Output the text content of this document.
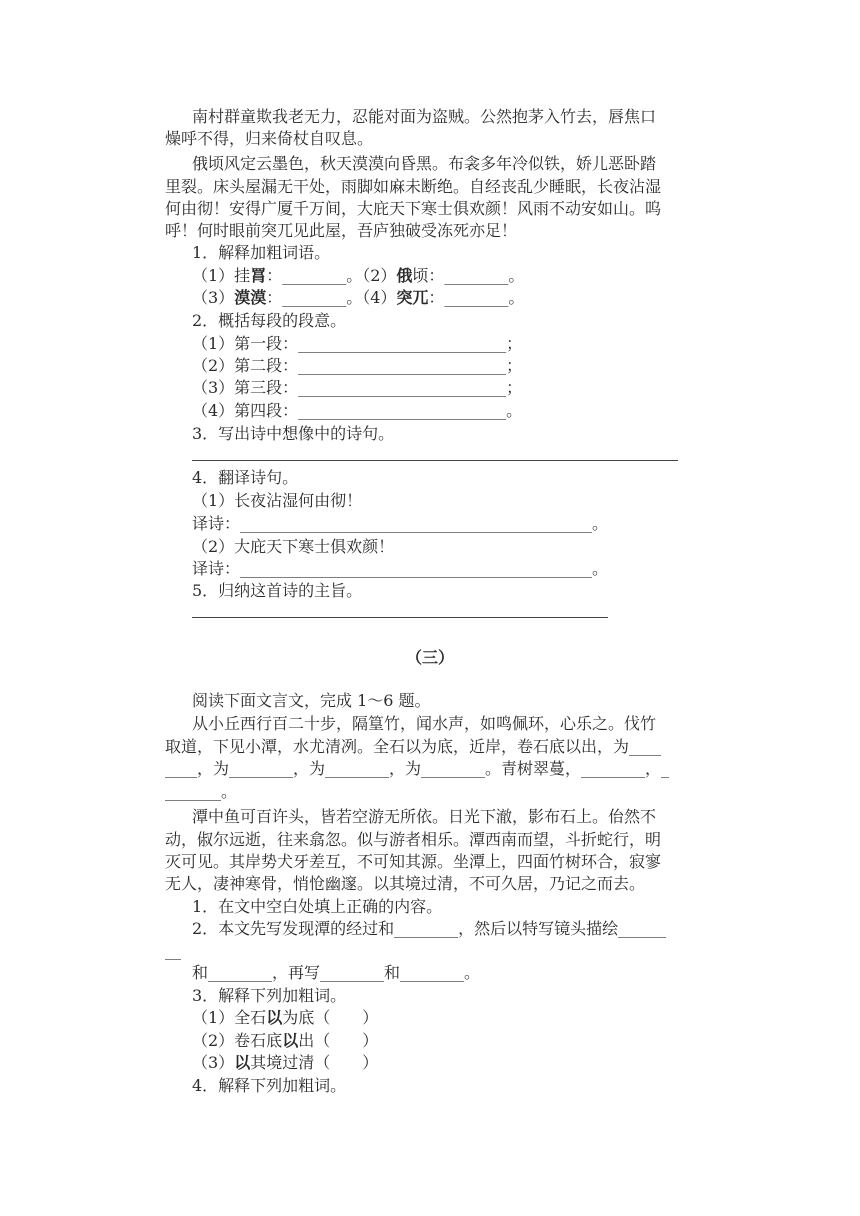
南村群童欺我老无力，忍能对面为盗贼。公然抱茅入竹去，唇焦口
燥呼不得，归来倚杖自叹息。
俄顷风定云墨色，秋天漠漠向昏黑。布衾多年冷似铁，娇儿恶卧踏
里裂。床头屋漏无干处，雨脚如麻未断绝。自经丧乱少睡眠，长夜沾湿
何由彻！安得广厦千万间，大庇天下寒士俱欢颜！风雨不动安如山。呜
呼！何时眼前突兀见此屋，吾庐独破受冻死亦足！
1．解释加粗词语。
（1）挂罥：________。（2）俄顷：________。
（3）漠漠：________。（4）突兀：________。
2．概括每段的段意。
（1）第一段：__________________________；
（2）第二段：__________________________；
（3）第三段：__________________________；
（4）第四段：__________________________。
3．写出诗中想像中的诗句。
4．翻译诗句。
（1）长夜沾湿何由彻！
译诗：____________________________________________。
（2）大庇天下寒士俱欢颜！
译诗：____________________________________________。
5．归纳这首诗的主旨。
（三）
阅读下面文言文，完成 1～6 题。
从小丘西行百二十步，隔篁竹，闻水声，如鸣佩环，心乐之。伐竹
取道，下见小潭，水尤清冽。全石以为底，近岸，卷石底以出，为____
____，为________，为________，为________。青树翠蔓，________，_
_______。
潭中鱼可百许头，皆若空游无所依。日光下澈，影布石上。佁然不
动，俶尔远逝，往来翕忽。似与游者相乐。潭西南而望，斗折蛇行，明
灭可见。其岸势犬牙差互，不可知其源。坐潭上，四面竹树环合，寂寥
无人，凄神寒骨，悄怆幽邃。以其境过清，不可久居，乃记之而去。
1．在文中空白处填上正确的内容。
2．本文先写发现潭的经过和________，然后以特写镜头描绘______
__
和________，再写________和________。
3．解释下列加粗词。
（1）全石以为底（　　）
（2）卷石底以出（　　）
（3）以其境过清（　　）
4．解释下列加粗词。
